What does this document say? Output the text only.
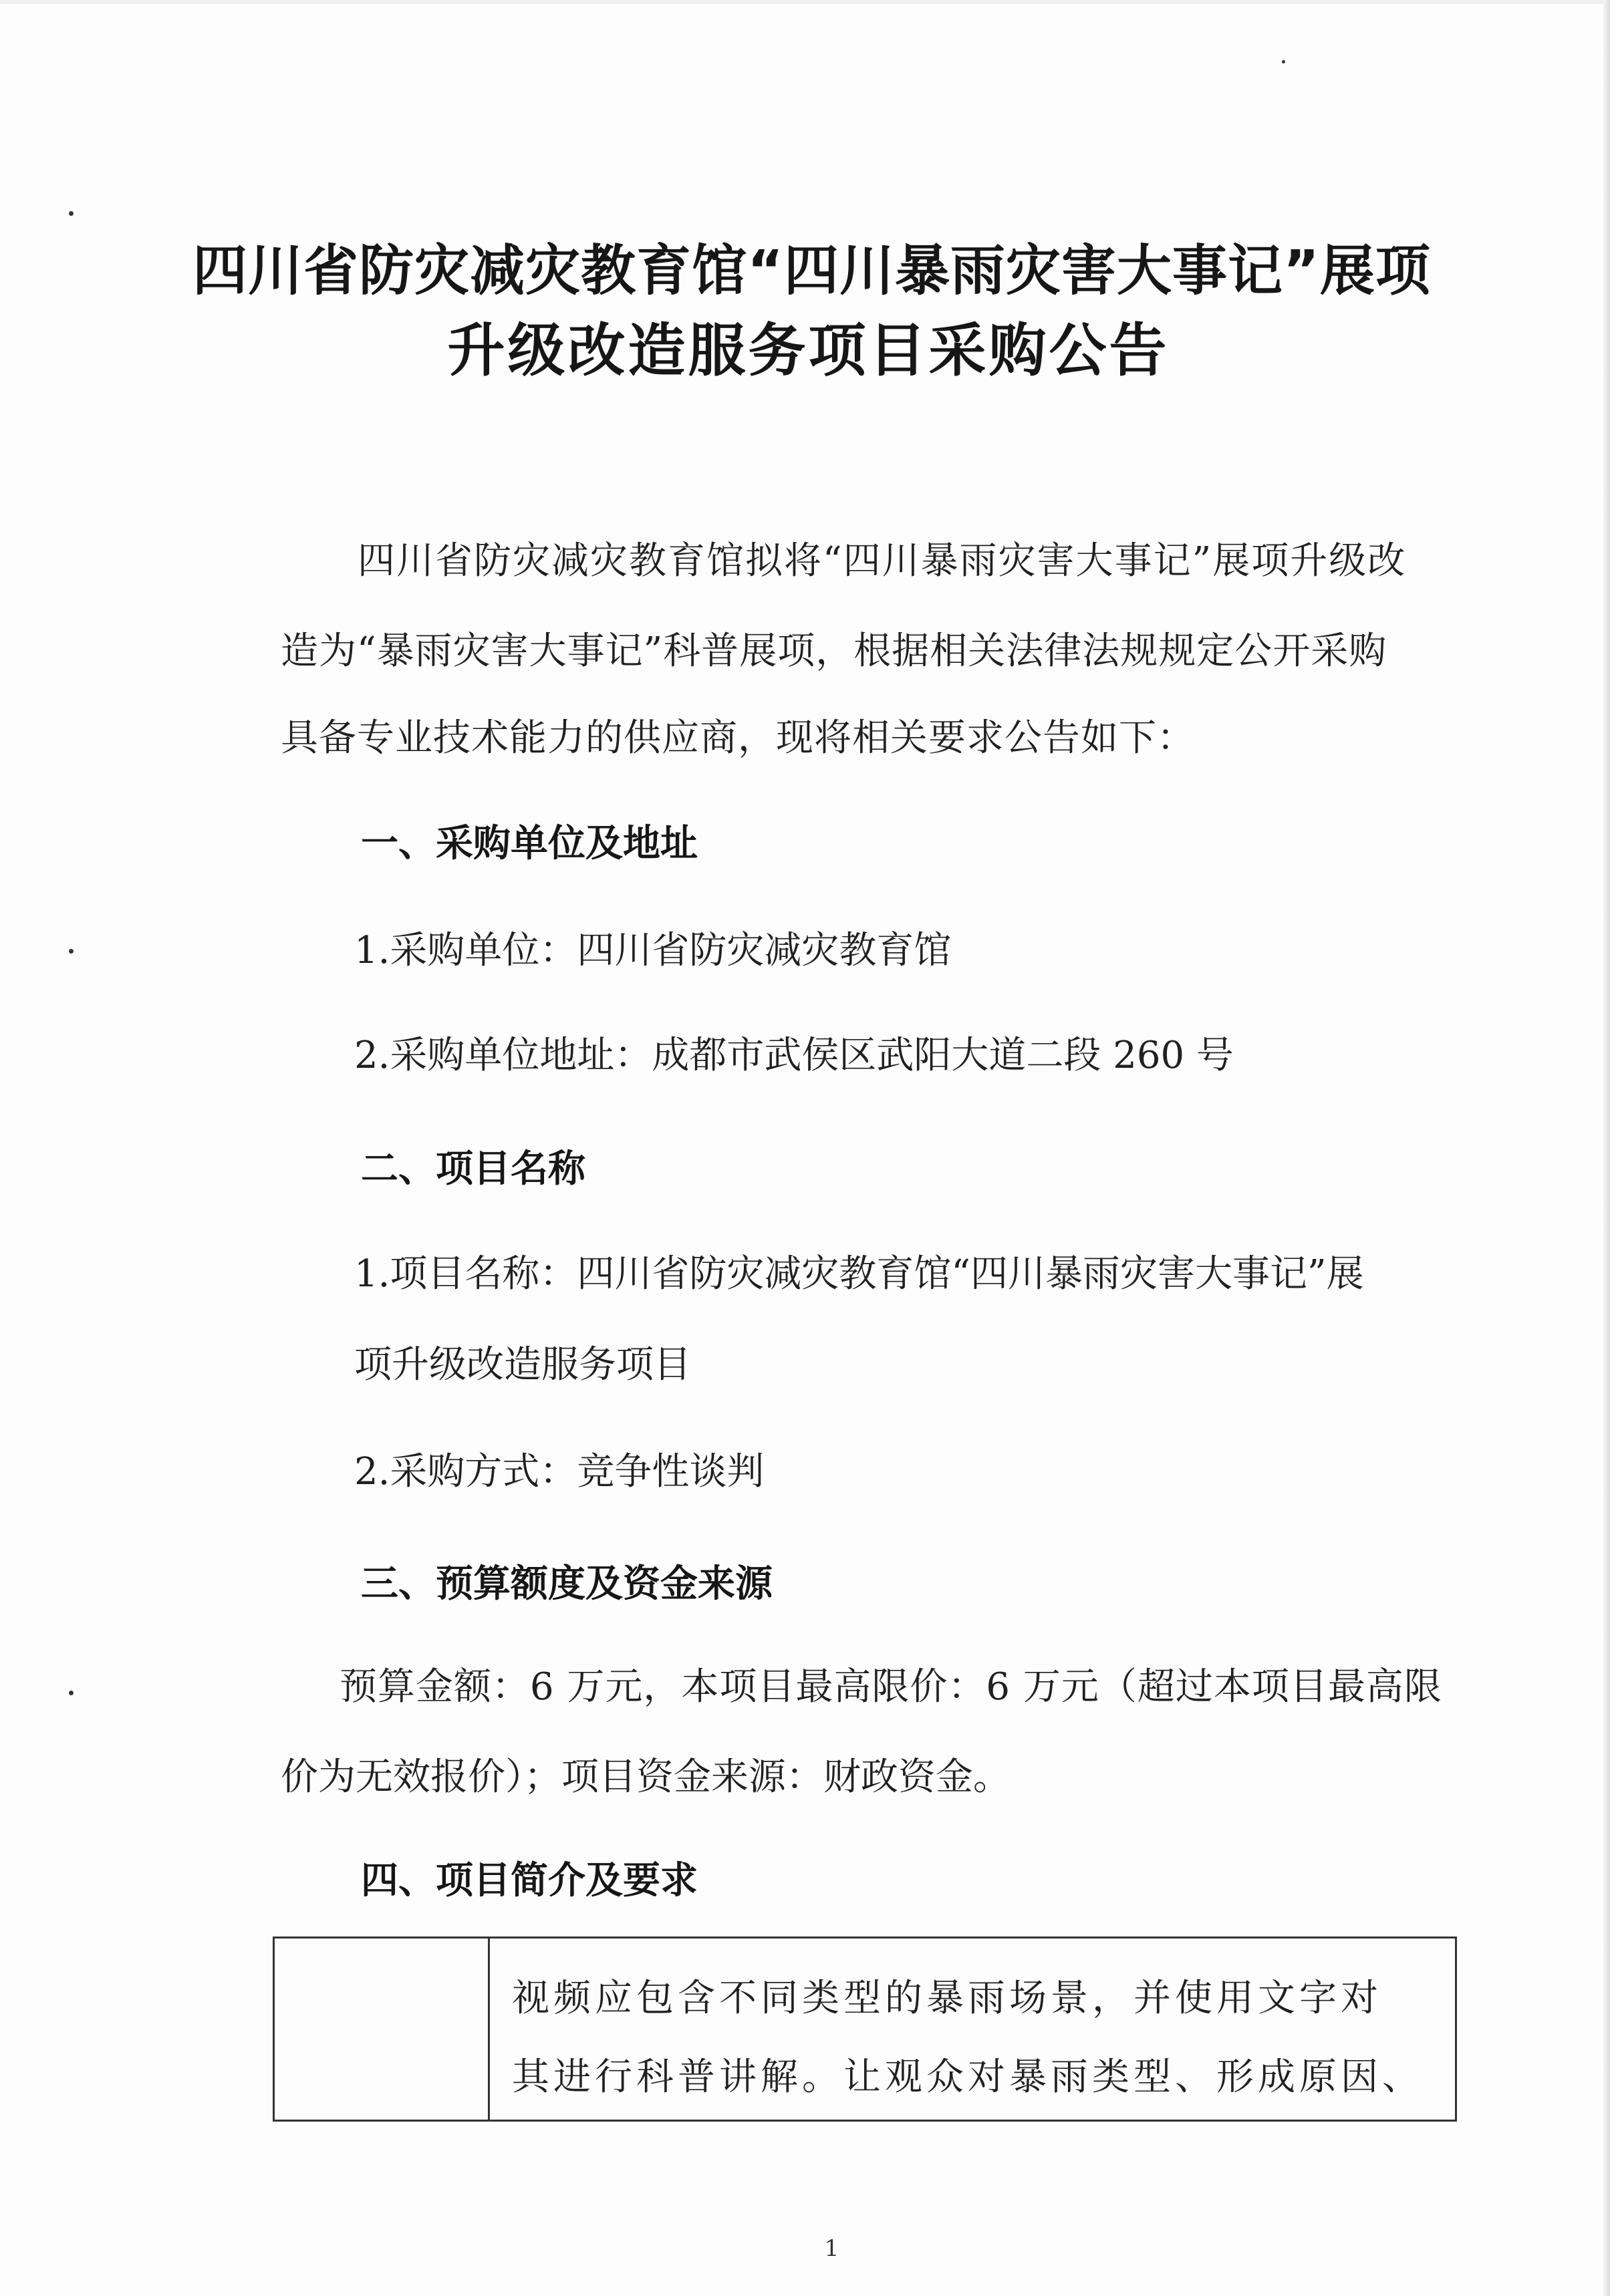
四川省防灾减灾教育馆“四川暴雨灾害大事记”展项
升级改造服务项目采购公告
四川省防灾减灾教育馆拟将“四川暴雨灾害大事记”展项升级改
造为“暴雨灾害大事记”科普展项，根据相关法律法规规定公开采购
具备专业技术能力的供应商，现将相关要求公告如下：
一、采购单位及地址
1.采购单位：四川省防灾减灾教育馆
2.采购单位地址：成都市武侯区武阳大道二段 260 号
二、项目名称
1.项目名称：四川省防灾减灾教育馆“四川暴雨灾害大事记”展
项升级改造服务项目
2.采购方式：竞争性谈判
三、预算额度及资金来源
预算金额：6 万元，本项目最高限价：6 万元（超过本项目最高限
价为无效报价）；项目资金来源：财政资金。
四、项目简介及要求
视频应包含不同类型的暴雨场景，并使用文字对
其进行科普讲解。让观众对暴雨类型、形成原因、
1
